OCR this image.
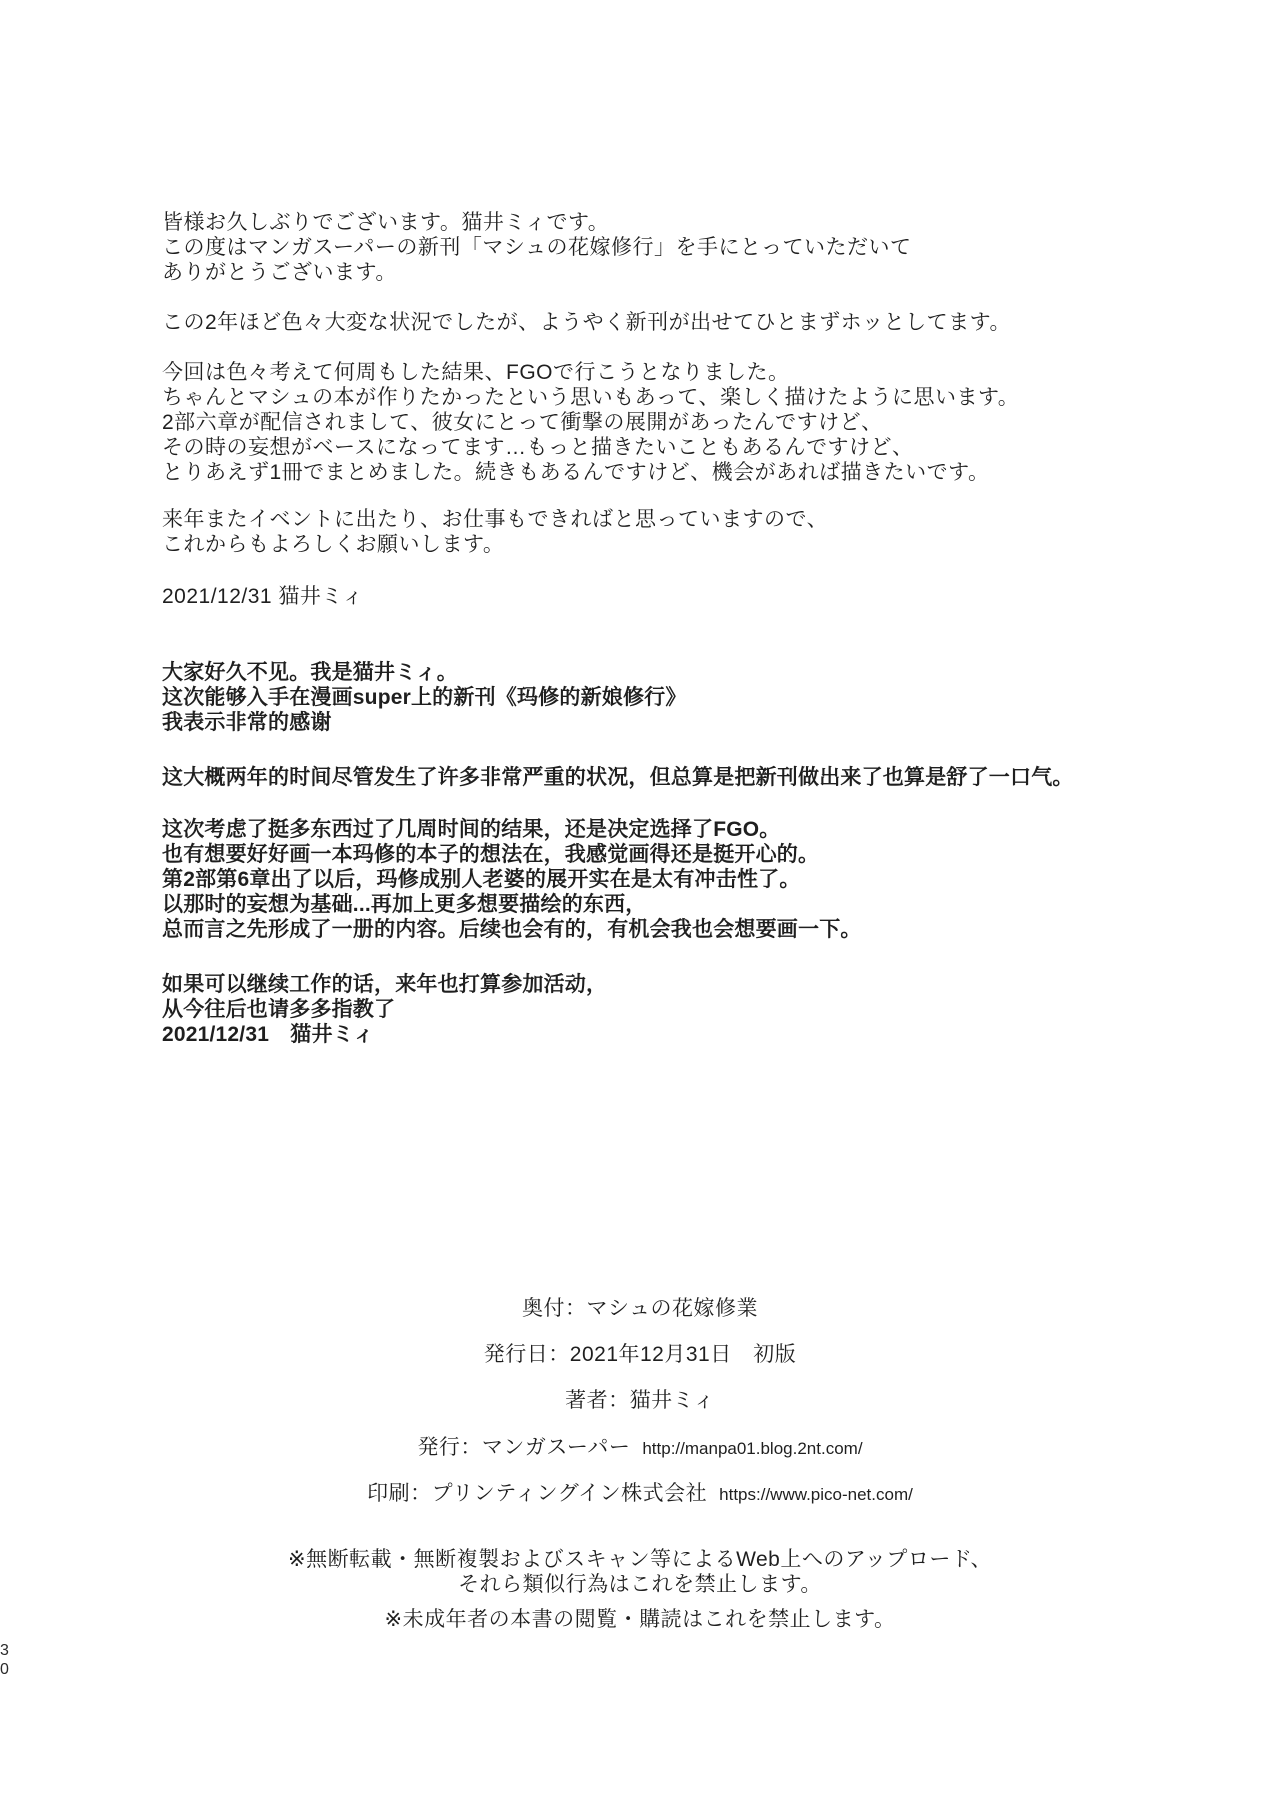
皆様お久しぶりでございます。猫井ミィです。
この度はマンガスーパーの新刊「マシュの花嫁修行」を手にとっていただいて
ありがとうございます。

この2年ほど色々大変な状況でしたが、ようやく新刊が出せてひとまずホッとしてます。

今回は色々考えて何周もした結果、FGOで行こうとなりました。
ちゃんとマシュの本が作りたかったという思いもあって、楽しく描けたように思います。
2部六章が配信されまして、彼女にとって衝撃の展開があったんですけど、
その時の妄想がベースになってます…もっと描きたいこともあるんですけど、
とりあえず1冊でまとめました。続きもあるんですけど、機会があれば描きたいです。

来年またイベントに出たり、お仕事もできればと思っていますので、
これからもよろしくお願いします。

2021/12/31 猫井ミィ

大家好久不见。我是猫井ミィ。
这次能够入手在漫画super上的新刊《玛修的新娘修行》
我表示非常的感谢

这大概两年的时间尽管发生了许多非常严重的状况，但总算是把新刊做出来了也算是舒了一口气。

这次考虑了挺多东西过了几周时间的结果，还是决定选择了FGO。
也有想要好好画一本玛修的本子的想法在，我感觉画得还是挺开心的。
第2部第6章出了以后，玛修成别人老婆的展开实在是太有冲击性了。
以那时的妄想为基础...再加上更多想要描绘的东西，
总而言之先形成了一册的内容。后续也会有的，有机会我也会想要画一下。

如果可以继续工作的话，来年也打算参加活动，
从今往后也请多多指教了
2021/12/31　猫井ミィ

奥付：マシュの花嫁修業
発行日：2021年12月31日　初版
著者：猫井ミィ
発行：マンガスーパー http://manpa01.blog.2nt.com/
印刷：プリンティングイン株式会社 https://www.pico-net.com/
※無断転載・無断複製およびスキャン等によるWeb上へのアップロード、
それら類似行為はこれを禁止します。
※未成年者の本書の閲覧・購読はこれを禁止します。
30
